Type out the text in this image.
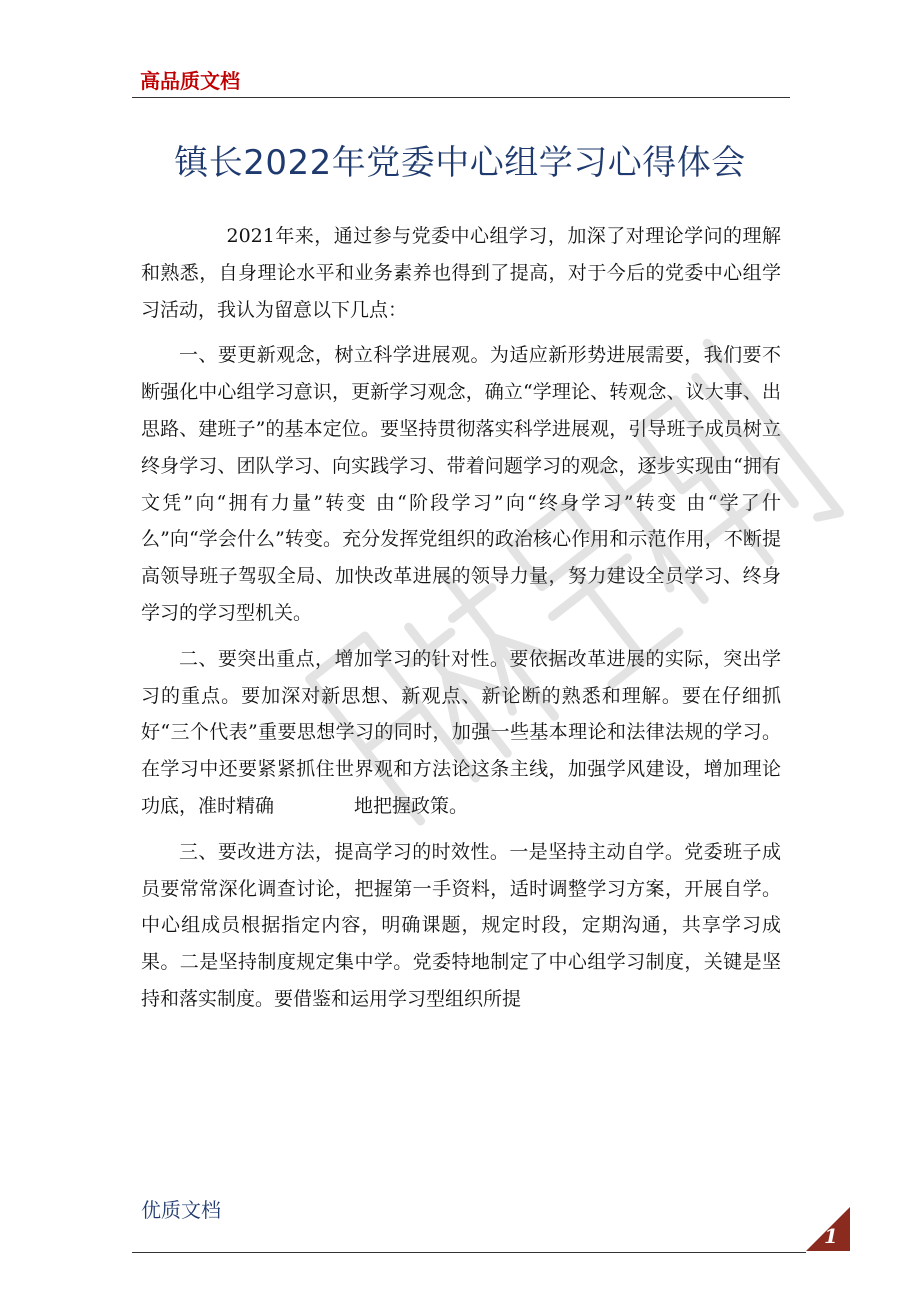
高品质文档
镇长2022年党委中心组学习心得体会

2021年来，通过参与党委中心组学习，加深了对理论学问的理解和熟悉，自身理论水平和业务素养也得到了提高，对于今后的党委中心组学习活动，我认为留意以下几点：

一、要更新观念，树立科学进展观。为适应新形势进展需要，我们要不断强化中心组学习意识，更新学习观念，确立“学理论、转观念、议大事、出思路、建班子”的基本定位。要坚持贯彻落实科学进展观，引导班子成员树立终身学习、团队学习、向实践学习、带着问题学习的观念，逐步实现由“拥有文凭”向“拥有力量”转变 由“阶段学习”向“终身学习”转变 由“学了什么”向“学会什么”转变。充分发挥党组织的政治核心作用和示范作用，不断提高领导班子驾驭全局、加快改革进展的领导力量，努力建设全员学习、终身学习的学习型机关。

二、要突出重点，增加学习的针对性。要依据改革进展的实际，突出学习的重点。要加深对新思想、新观点、新论断的熟悉和理解。要在仔细抓好“三个代表”重要思想学习的同时，加强一些基本理论和法律法规的学习。在学习中还要紧紧抓住世界观和方法论这条主线，加强学风建设，增加理论功底，准时精确	地把握政策。

三、要改进方法，提高学习的时效性。一是坚持主动自学。党委班子成员要常常深化调查讨论，把握第一手资料，适时调整学习方案，开展自学。中心组成员根据指定内容，明确课题，规定时段，定期沟通，共享学习成果。二是坚持制度规定集中学。党委特地制定了中心组学习制度，关键是坚持和落实制度。要借鉴和运用学习型组织所提

优质文档
1
